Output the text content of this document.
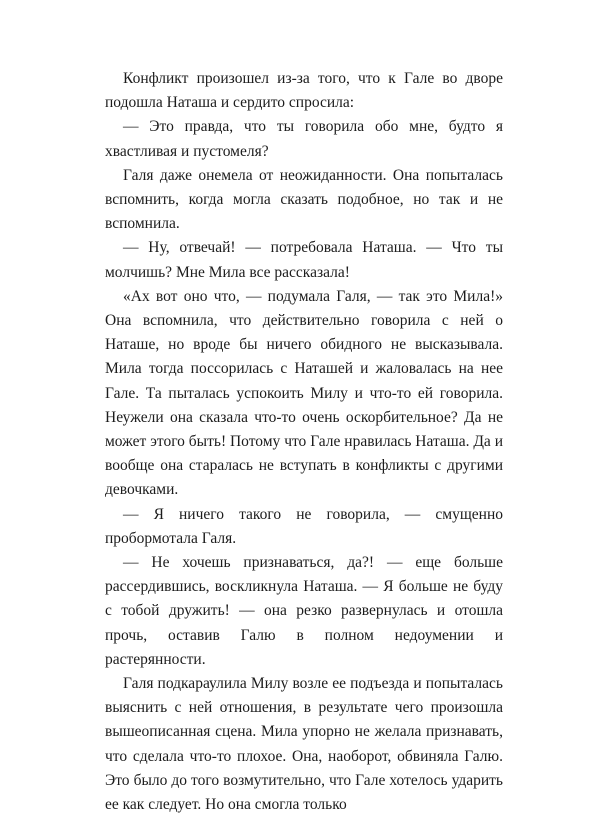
Конфликт произошел из-за того, что к Гале во дворе подошла Наташа и сердито спросила:

— Это правда, что ты говорила обо мне, будто я хвастливая и пустомеля?

Галя даже онемела от неожиданности. Она попыталась вспомнить, когда могла сказать подобное, но так и не вспомнила.

— Ну, отвечай! — потребовала Наташа. — Что ты молчишь? Мне Мила все рассказала!

«Ах вот оно что, — подумала Галя, — так это Мила!» Она вспомнила, что действительно говорила с ней о Наташе, но вроде бы ничего обидного не высказывала. Мила тогда поссорилась с Наташей и жаловалась на нее Гале. Та пыталась успокоить Милу и что-то ей говорила. Неужели она сказала что-то очень оскорбительное? Да не может этого быть! Потому что Гале нравилась Наташа. Да и вообще она старалась не вступать в конфликты с другими девочками.

— Я ничего такого не говорила, — смущенно пробормотала Галя.

— Не хочешь признаваться, да?! — еще больше рассердившись, воскликнула Наташа. — Я больше не буду с тобой дружить! — она резко развернулась и отошла прочь, оставив Галю в полном недоумении и растерянности.

Галя подкараулила Милу возле ее подъезда и попыталась выяснить с ней отношения, в результате чего произошла вышеописанная сцена. Мила упорно не желала признавать, что сделала что-то плохое. Она, наоборот, обвиняла Галю. Это было до того возмутительно, что Гале хотелось ударить ее как следует. Но она смогла только
